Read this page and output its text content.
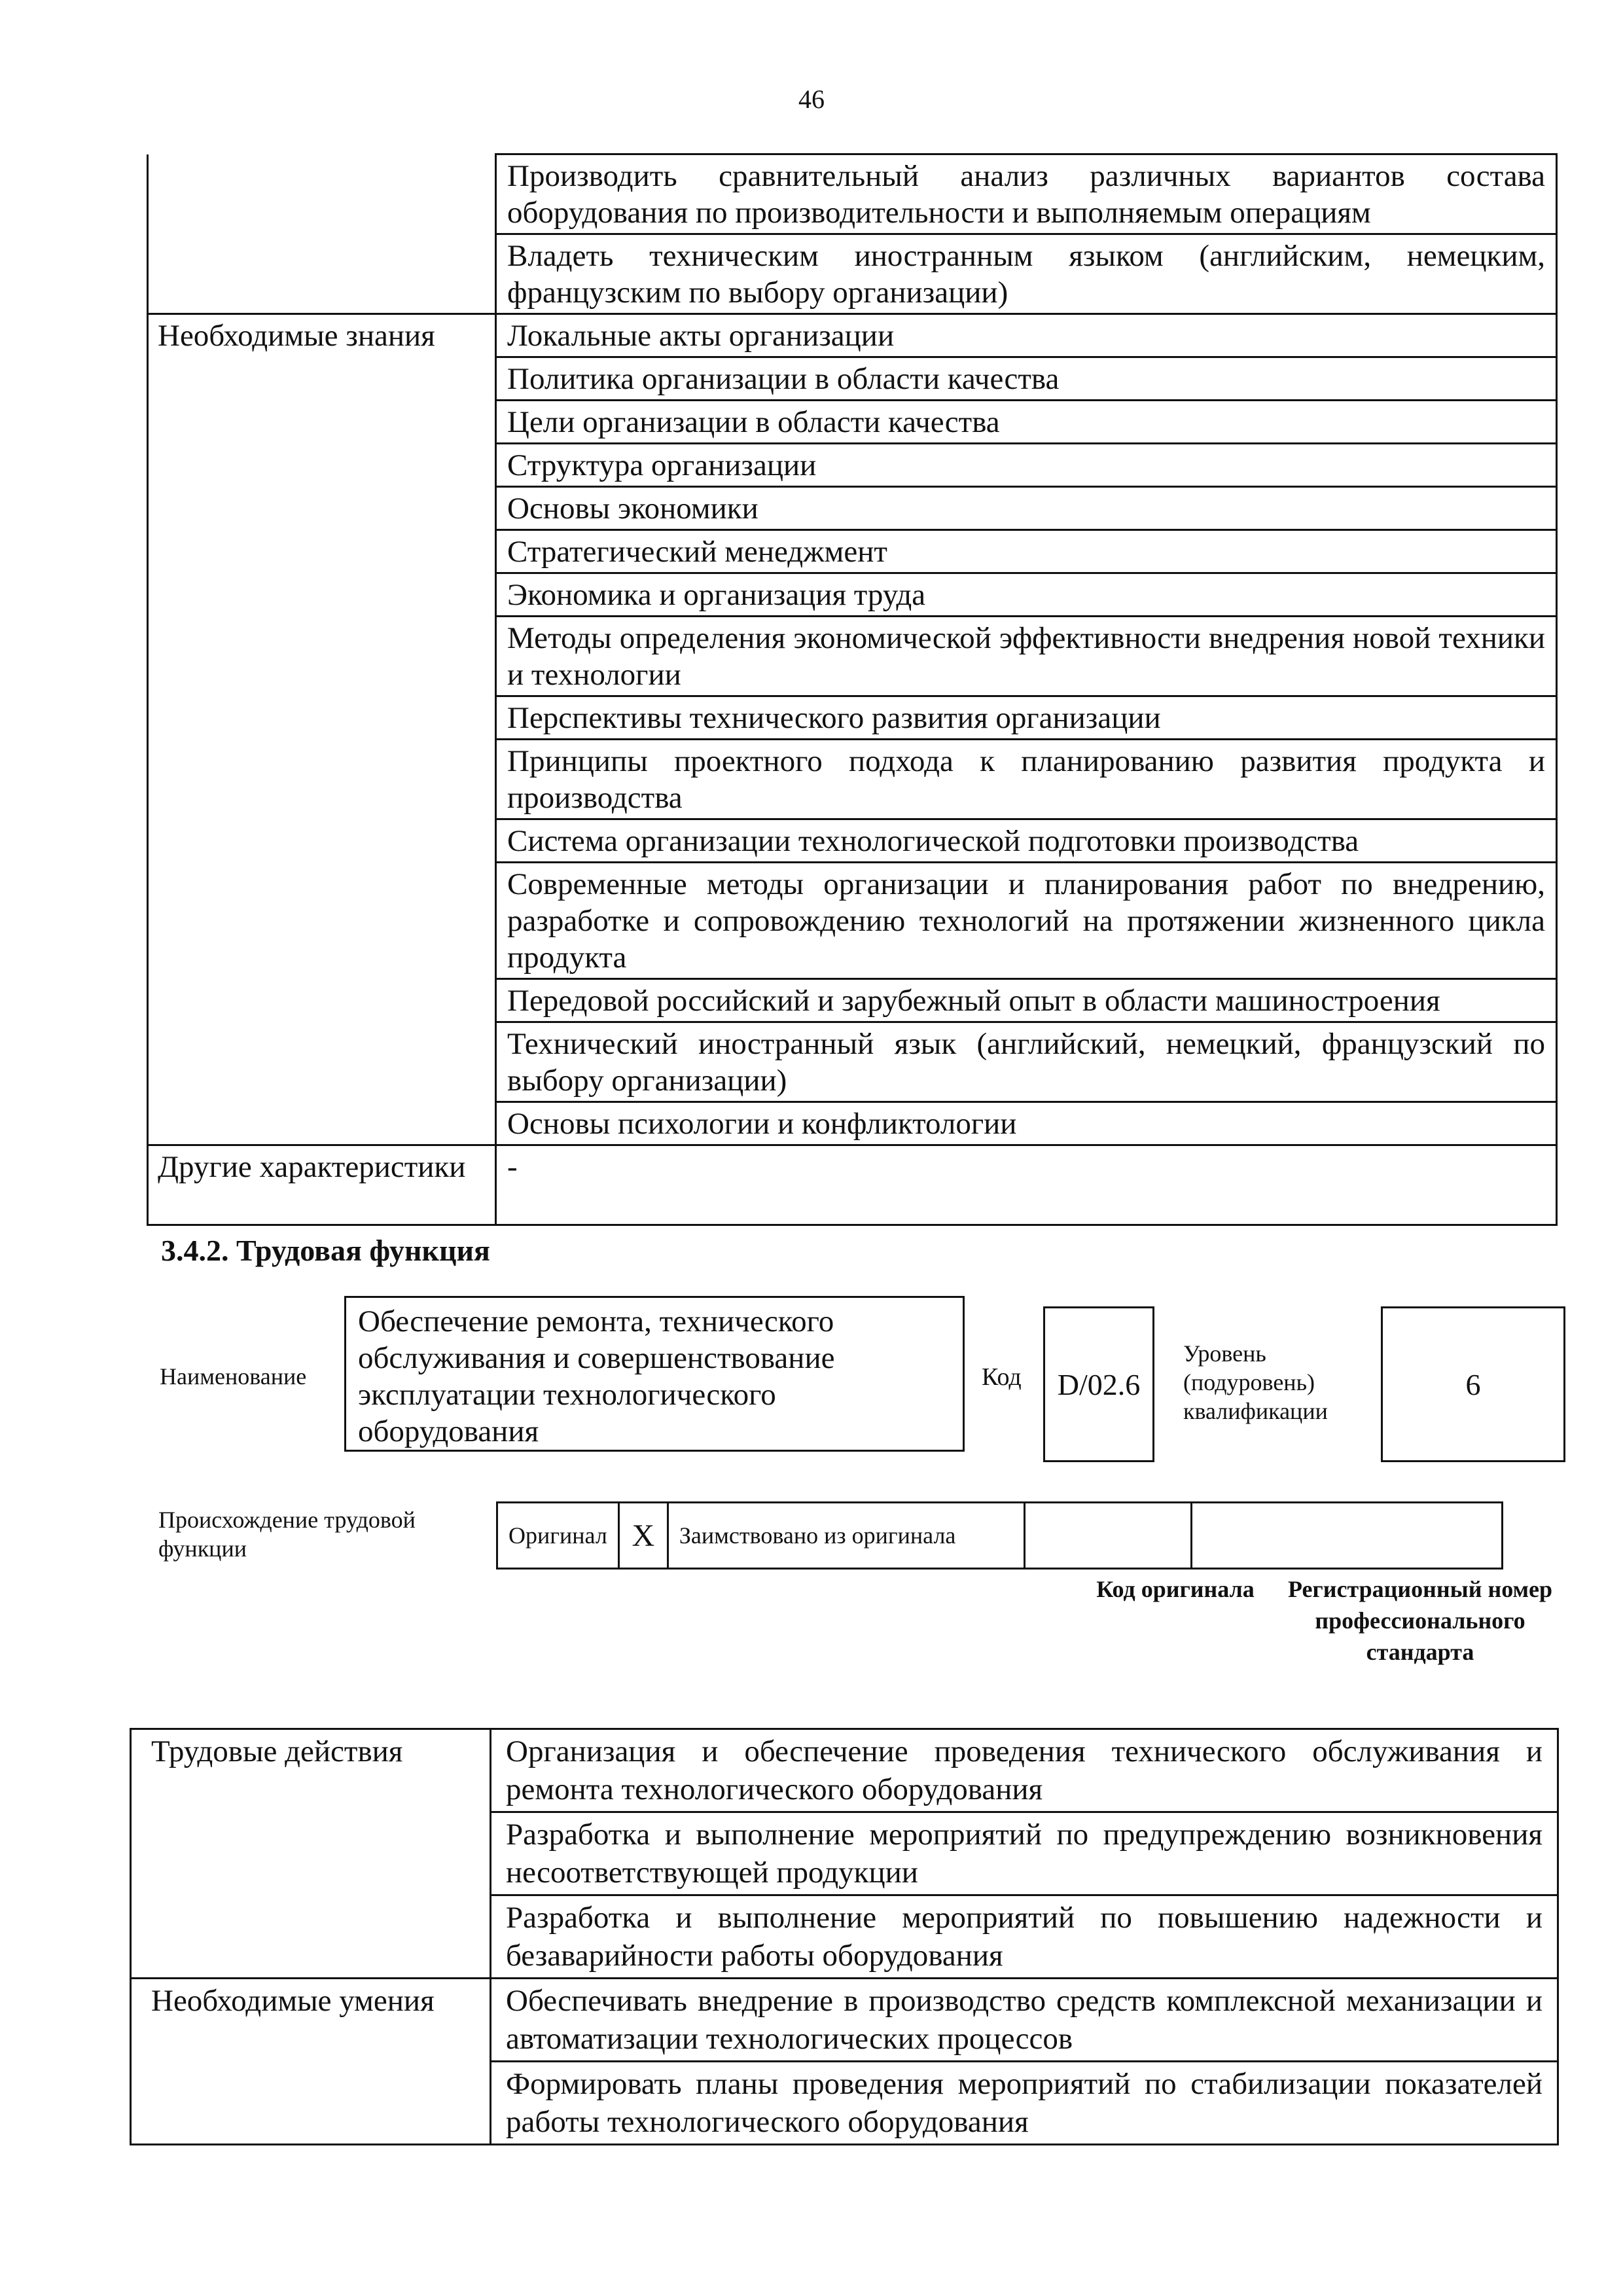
46
	Производить сравнительный анализ различных вариантов состава оборудования по производительности и выполняемым операциям
	Владеть техническим иностранным языком (английским, немецким, французским по выбору организации)
Необходимые знания	Локальные акты организации
	Политика организации в области качества
	Цели организации в области качества
	Структура организации
	Основы экономики
	Стратегический менеджмент
	Экономика и организация труда
	Методы определения экономической эффективности внедрения новой техники и технологии
	Перспективы технического развития организации
	Принципы проектного подхода к планированию развития продукта и производства
	Система организации технологической подготовки производства
	Современные методы организации и планирования работ по внедрению, разработке и сопровождению технологий на протяжении жизненного цикла продукта
	Передовой российский и зарубежный опыт в области машиностроения
	Технический иностранный язык (английский, немецкий, французский по выбору организации)
	Основы психологии и конфликтологии
Другие характеристики	-
3.4.2. Трудовая функция
Наименование
Обеспечение ремонта, технического обслуживания и совершенствование эксплуатации технологического оборудования
Код	D/02.6
Уровень (подуровень) квалификации
6
Происхождение трудовой функции	Оригинал	X	Заимствовано из оригинала		
Код оригинала	Регистрационный номер профессионального стандарта
Трудовые действия	Организация и обеспечение проведения технического обслуживания и ремонта технологического оборудования
	Разработка и выполнение мероприятий по предупреждению возникновения несоответствующей продукции
	Разработка и выполнение мероприятий по повышению надежности и безаварийности работы оборудования
Необходимые умения	Обеспечивать внедрение в производство средств комплексной механизации и автоматизации технологических процессов
	Формировать планы проведения мероприятий по стабилизации показателей работы технологического оборудования
